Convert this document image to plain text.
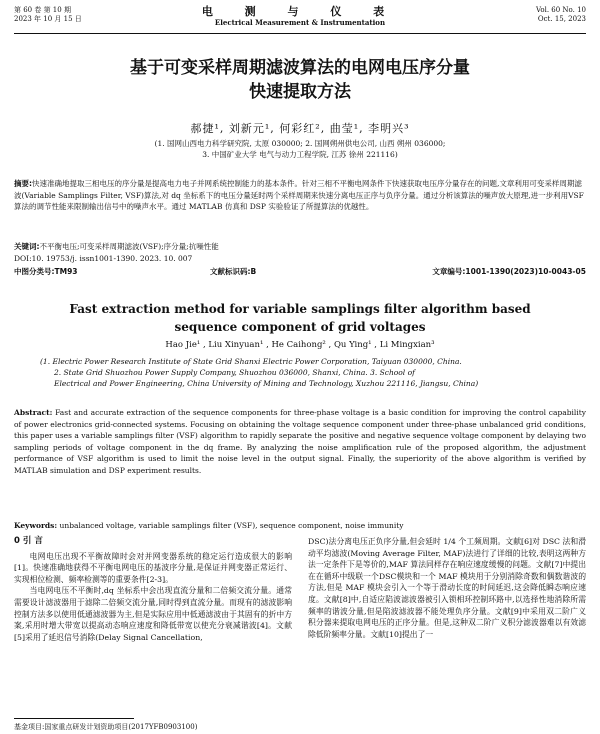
第 60 卷 第 10 期
2023 年 10 月 15 日
电 测 与 仪 表
Electrical Measurement & Instrumentation
Vol. 60 No. 10
Oct. 15, 2023
基于可变采样周期滤波算法的电网电压序分量
快速提取方法
郝捷¹, 刘新元¹, 何彩红², 曲莹¹, 李明兴³
(1. 国网山西电力科学研究院, 太原 030000; 2. 国网朔州供电公司, 山西 朔州 036000;
3. 中国矿业大学 电气与动力工程学院, 江苏 徐州 221116)
摘要:快速准确地提取三相电压的序分量是提高电力电子并网系统控制能力的基本条件。针对三相不平衡电网条件下快速获取电压序分量存在的问题,文章利用可变采样周期滤波(Variable Samplings Filter, VSF)算法,对 dq 坐标系下的电压分量延时两个采样周期来快速分离电压正序与负序分量。通过分析该算法的噪声放大原理,进一步利用VSF 算法的调节性能来限制输出信号中的噪声水平。通过 MATLAB 仿真和 DSP 实验验证了所提算法的优越性。
关键词:不平衡电压;可变采样周期滤波(VSF);序分量;抗噪性能
DOI:10. 19753/j. issn1001-1390. 2023. 10. 007
中图分类号:TM93	文献标识码:B	文章编号:1001-1390(2023)10-0043-05
Fast extraction method for variable samplings filter algorithm based
sequence component of grid voltages
Hao Jie¹ , Liu Xinyuan¹ , He Caihong² , Qu Ying¹ , Li Mingxian³
(1. Electric Power Research Institute of State Grid Shanxi Electric Power Corporation, Taiyuan 030000, China.
2. State Grid Shuozhou Power Supply Company, Shuozhou 036000, Shanxi, China. 3. School of
Electrical and Power Engineering, China University of Mining and Technology, Xuzhou 221116, Jiangsu, China)
Abstract: Fast and accurate extraction of the sequence components for three-phase voltage is a basic condition for improving the control capability of power electronics grid-connected systems. Focusing on obtaining the voltage sequence component under three-phase unbalanced grid conditions, this paper uses a variable samplings filter (VSF) algorithm to rapidly separate the positive and negative sequence voltage component by delaying two sampling periods of voltage component in the dq frame. By analyzing the noise amplification rule of the proposed algorithm, the adjustment performance of VSF algorithm is used to limit the noise level in the output signal. Finally, the superiority of the above algorithm is verified by MATLAB simulation and DSP experiment results.
Keywords: unbalanced voltage, variable samplings filter (VSF), sequence component, noise immunity
0 引 言

电网电压出现不平衡故障时会对并网变器系统的稳定运行造成很大的影响[1]。快速准确地获得不平衡电网电压的基波序分量,是保证并网变器正常运行、实现相位检测、频率检测等的重要条件[2-3]。

当电网电压不平衡时,dq 坐标系中会出现直流分量和二倍频交流分量。通常需要设计滤波器用于滤除二倍频交流分量,同时得到直流分量。而现有的滤波影响控制方法多以使用低通滤波器为主,但是实际应用中低通滤波由于其固有的折中方案,采用时增大带宽以提高动态响应速度和降低带宽以使充分衰减谐波[4]。文献[5]采用了延迟信号消除(Delay Signal Cancellation,

DSC)法分离电压正负序分量,但会延时 1/4 个工频周期。文献[6]对 DSC 法和滑动平均滤波(Moving Average Filter, MAF)法进行了详细的比较,表明这两种方法一定条件下是等价的,MAF 算法同样存在响应速度缓慢的问题。文献[7]中提出在在循环中级联一个DSC模块和一个 MAF 模块用于分别消除奇数和偶数谐波的方法,但是 MAF 模块会引入一个等于滑动长度的时间延迟,这会降低瞬态响应速度。文献[8]中,自适应陷波滤波器被引入锁相环控制环路中,以选择性地消除所需频率的谐波分量,但是陷波滤波器不能处理负序分量。文献[9]中采用双二阶广义积分器来提取电网电压的正序分量。但是,这种双二阶广义积分滤波器难以有效滤除低阶频率分量。文献[10]提出了一

基金项目:国家重点研发计划资助项目(2017YFB0903100)
